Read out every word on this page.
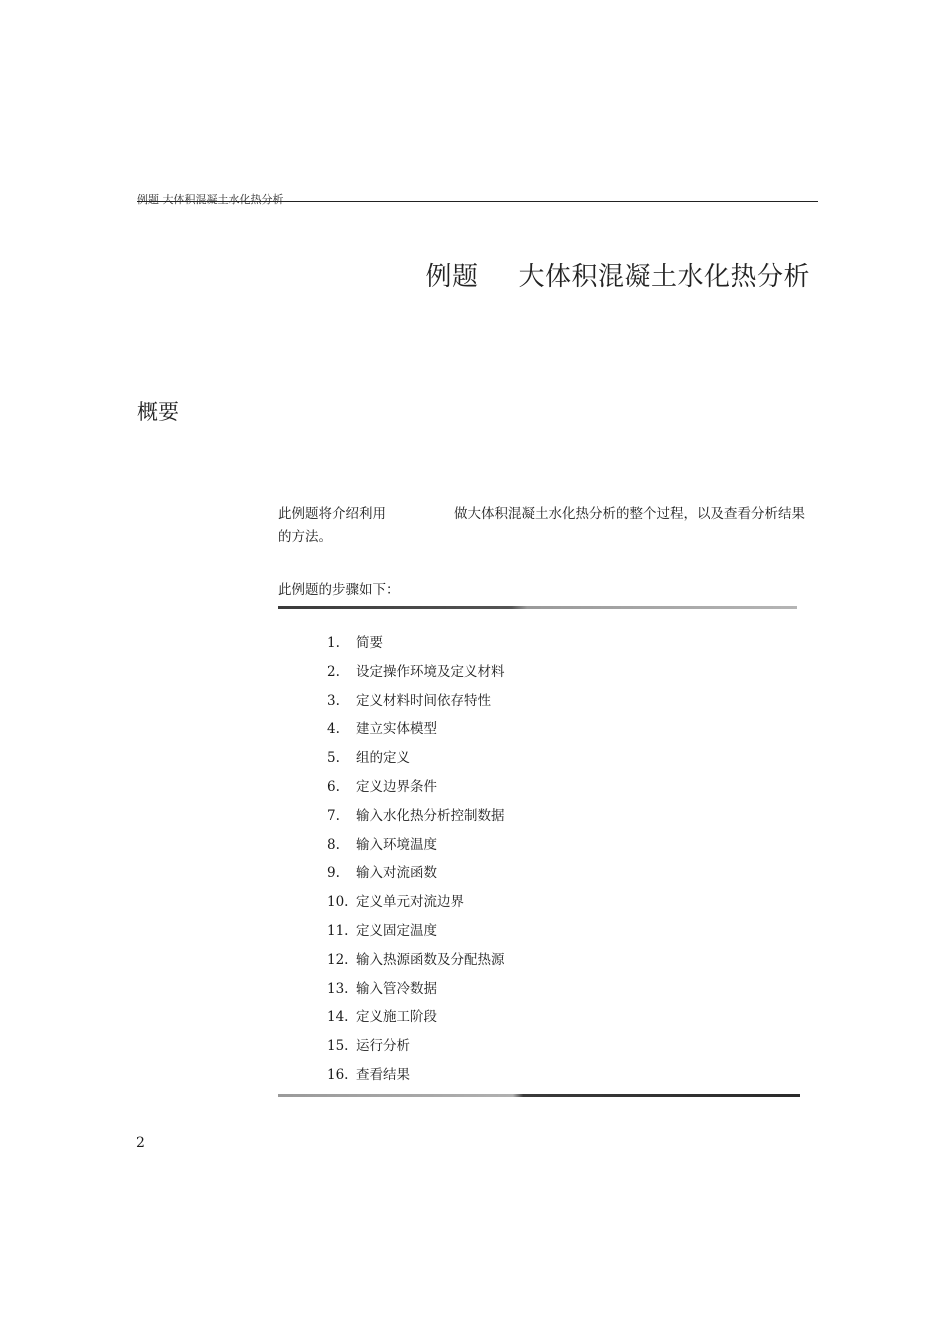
例题 大体积混凝土水化热分析
例题 大体积混凝土水化热分析
概要
此例题将介绍利用	做大体积混凝土水化热分析的整个过程，以及查看分析结果的方法。
此例题的步骤如下：
1. 简要
2. 设定操作环境及定义材料
3. 定义材料时间依存特性
4. 建立实体模型
5. 组的定义
6. 定义边界条件
7. 输入水化热分析控制数据
8. 输入环境温度
9. 输入对流函数
10. 定义单元对流边界
11. 定义固定温度
12. 输入热源函数及分配热源
13. 输入管冷数据
14. 定义施工阶段
15. 运行分析
16. 查看结果
2
